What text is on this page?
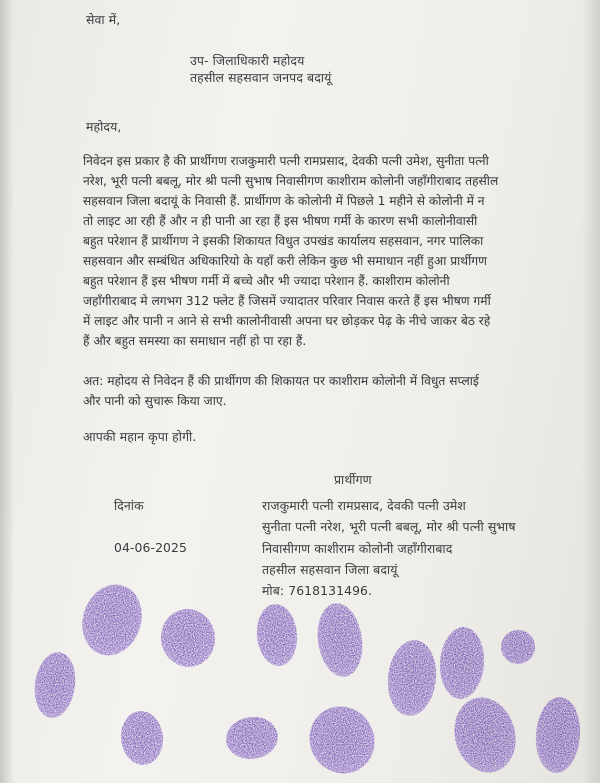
सेवा में,
उप- जिलाधिकारी महोदय
तहसील सहसवान जनपद बदायूं
महोदय,
निवेदन इस प्रकार है की प्रार्थीगण राजकुमारी पत्नी रामप्रसाद, देवकी पत्नी उमेश, सुनीता पत्नी
नरेश, भूरी पत्नी बबलू, मोर श्री पत्नी सुभाष निवासीगण काशीराम कोलोनी जहाँगीराबाद तहसील
सहसवान जिला बदायूं के निवासी हैं. प्रार्थीगण के कोलोनी में पिछले 1 महीने से कोलोनी में न
तो लाइट आ रही हैं और न ही पानी आ रहा हैं इस भीषण गर्मी के कारण सभी कालोनीवासी
बहुत परेशान हैं प्रार्थीगण ने इसकी शिकायत विधुत उपखंड कार्यालय सहसवान, नगर पालिका
सहसवान और सम्बंधित अधिकारियो के यहाँ करी लेकिन कुछ भी समाधान नहीं हुआ प्रार्थीगण
बहुत परेशान हैं इस भीषण गर्मी में बच्चे और भी ज्यादा परेशान हैं. काशीराम कोलोनी
जहाँगीराबाद मे लगभग 312 फ्लेट हैं जिसमें ज्यादातर परिवार निवास करते हैं इस भीषण गर्मी
में लाइट और पानी न आने से सभी कालोनीवासी अपना घर छोड़कर पेढ़ के नीचे जाकर बेठ रहे
हैं और बहुत समस्या का समाधान नहीं हो पा रहा हैं.
अत: महोदय से निवेदन हैं की प्रार्थीगण की शिकायत पर काशीराम कोलोनी में विधुत सप्लाई
और पानी को सुचारू किया जाए.
आपकी महान कृपा होगी.
प्रार्थीगण
दिनांक
04-06-2025
राजकुमारी पत्नी रामप्रसाद, देवकी पत्नी उमेश
सुनीता पत्नी नरेश, भूरी पत्नी बबलू, मोर श्री पत्नी सुभाष
निवासीगण काशीराम कोलोनी जहाँगीराबाद
तहसील सहसवान जिला बदायूं
मोब: 7618131496.
